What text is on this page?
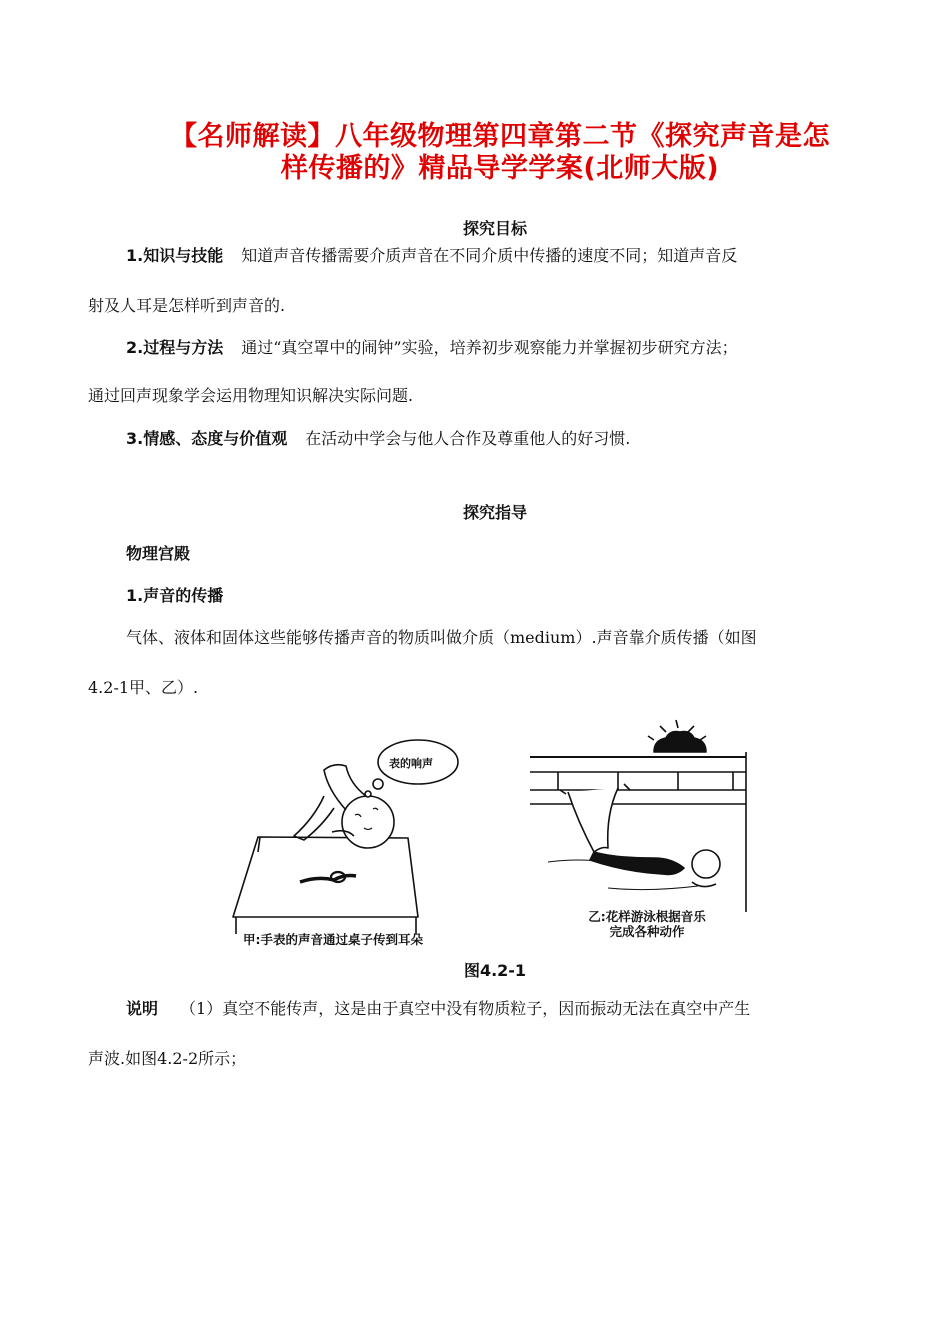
【名师解读】八年级物理第四章第二节《探究声音是怎
样传播的》精品导学学案(北师大版)
探究目标
1.知识与技能 知道声音传播需要介质声音在不同介质中传播的速度不同；知道声音反
射及人耳是怎样听到声音的.
2.过程与方法 通过“真空罩中的闹钟”实验，培养初步观察能力并掌握初步研究方法；
通过回声现象学会运用物理知识解决实际问题.
3.情感、态度与价值观 在活动中学会与他人合作及尊重他人的好习惯.
探究指导
物理宫殿
1.声音的传播
气体、液体和固体这些能够传播声音的物质叫做介质（medium）.声音靠介质传播（如图
4.2-1甲、乙）.
表的响声
甲:手表的声音通过桌子传到耳朵
乙:花样游泳根据音乐
完成各种动作
图4.2-1
说明 （1）真空不能传声，这是由于真空中没有物质粒子，因而振动无法在真空中产生
声波.如图4.2-2所示；
